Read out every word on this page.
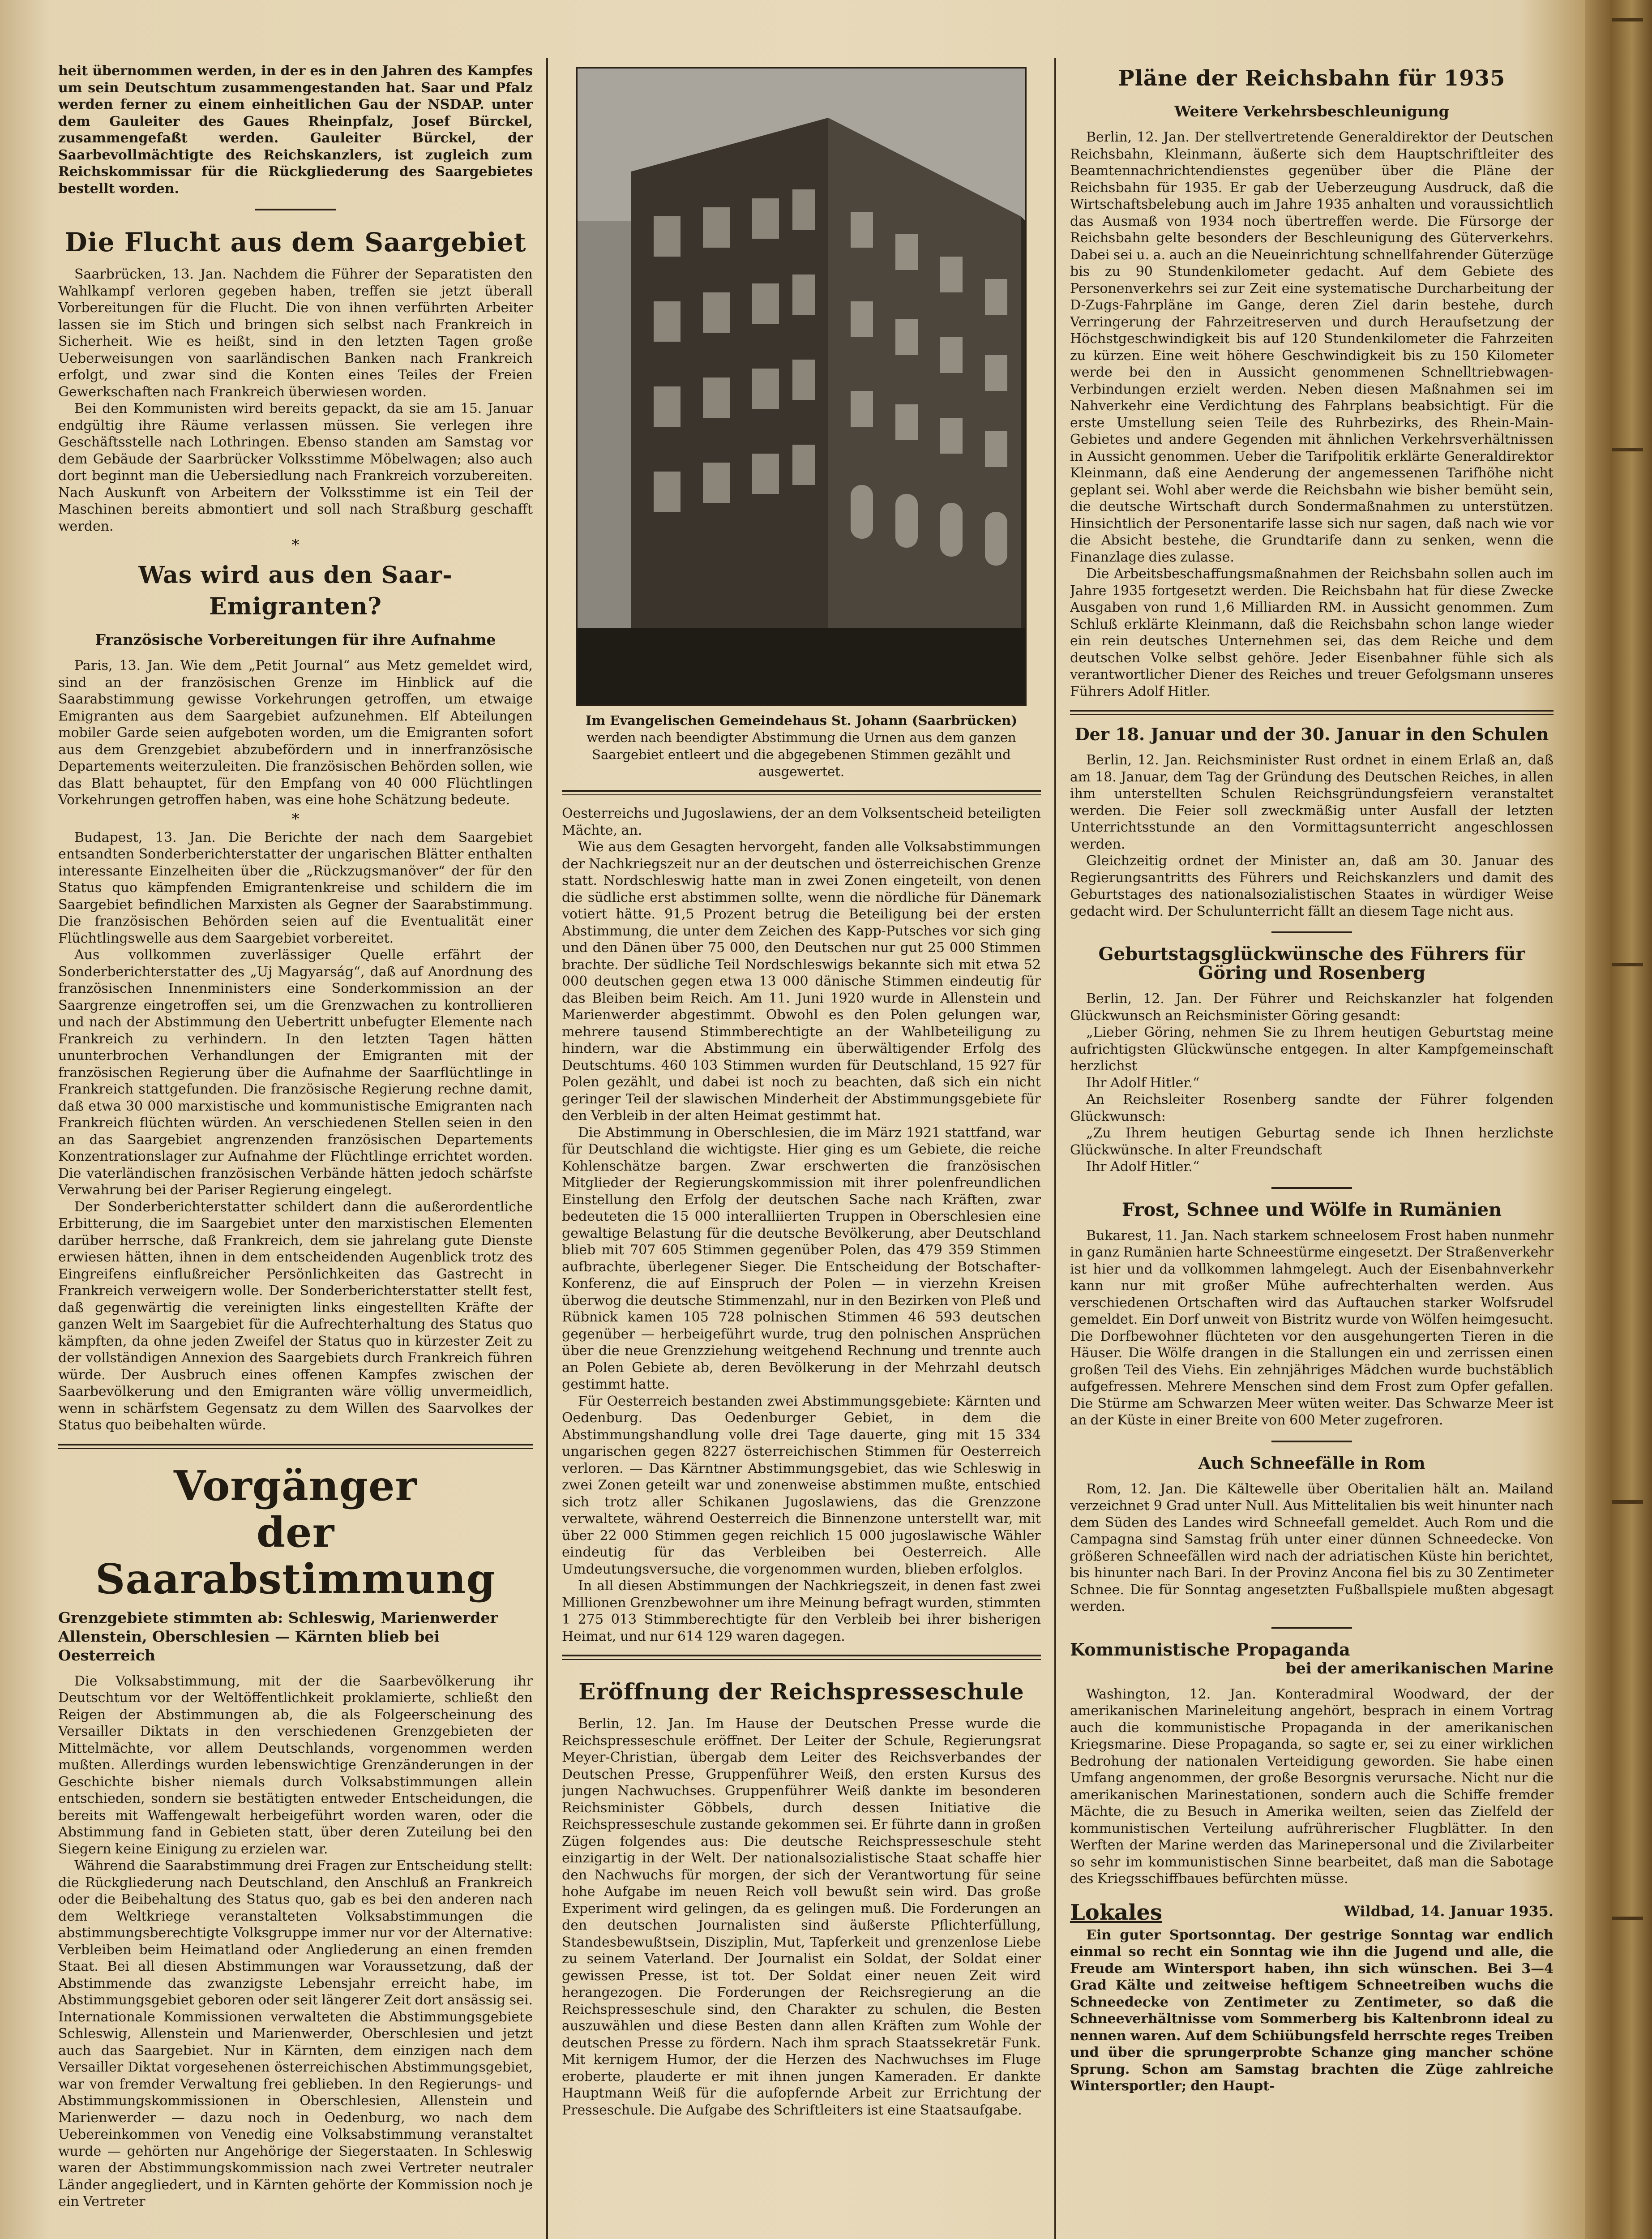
heit übernommen werden, in der es in den Jahren des Kampfes um sein Deutschtum zusammengestanden hat. Saar und Pfalz werden ferner zu einem einheitlichen Gau der NSDAP. unter dem Gauleiter des Gaues Rheinpfalz, Josef Bürckel, zusammengefaßt werden. Gauleiter Bürckel, der Saarbevollmächtigte des Reichskanzlers, ist zugleich zum Reichskommissar für die Rückgliederung des Saargebietes bestellt worden.

Die Flucht aus dem Saargebiet

Saarbrücken, 13. Jan. Nachdem die Führer der Separatisten den Wahlkampf verloren gegeben haben, treffen sie jetzt überall Vorbereitungen für die Flucht. Die von ihnen verführten Arbeiter lassen sie im Stich und bringen sich selbst nach Frankreich in Sicherheit. Wie es heißt, sind in den letzten Tagen große Ueberweisungen von saarländischen Banken nach Frankreich erfolgt, und zwar sind die Konten eines Teiles der Freien Gewerkschaften nach Frankreich überwiesen worden.

Bei den Kommunisten wird bereits gepackt, da sie am 15. Januar endgültig ihre Räume verlassen müssen. Sie verlegen ihre Geschäftsstelle nach Lothringen. Ebenso standen am Samstag vor dem Gebäude der Saarbrücker Volksstimme Möbelwagen; also auch dort beginnt man die Uebersiedlung nach Frankreich vorzubereiten. Nach Auskunft von Arbeitern der Volksstimme ist ein Teil der Maschinen bereits abmontiert und soll nach Straßburg geschafft werden.

*
Was wird aus den Saar-Emigranten?
Französische Vorbereitungen für ihre Aufnahme

Paris, 13. Jan. Wie dem „Petit Journal“ aus Metz gemeldet wird, sind an der französischen Grenze im Hinblick auf die Saarabstimmung gewisse Vorkehrungen getroffen, um etwaige Emigranten aus dem Saargebiet aufzunehmen. Elf Abteilungen mobiler Garde seien aufgeboten worden, um die Emigranten sofort aus dem Grenzgebiet abzubefördern und in innerfranzösische Departements weiterzuleiten. Die französischen Behörden sollen, wie das Blatt behauptet, für den Empfang von 40 000 Flüchtlingen Vorkehrungen getroffen haben, was eine hohe Schätzung bedeute.

*

Budapest, 13. Jan. Die Berichte der nach dem Saargebiet entsandten Sonderberichterstatter der ungarischen Blätter enthalten interessante Einzelheiten über die „Rückzugsmanöver“ der für den Status quo kämpfenden Emigrantenkreise und schildern die im Saargebiet befindlichen Marxisten als Gegner der Saarabstimmung. Die französischen Behörden seien auf die Eventualität einer Flüchtlingswelle aus dem Saargebiet vorbereitet.

Aus vollkommen zuverlässiger Quelle erfährt der Sonderberichterstatter des „Uj Magyarság“, daß auf Anordnung des französischen Innenministers eine Sonderkommission an der Saargrenze eingetroffen sei, um die Grenzwachen zu kontrollieren und nach der Abstimmung den Uebertritt unbefugter Elemente nach Frankreich zu verhindern. In den letzten Tagen hätten ununterbrochen Verhandlungen der Emigranten mit der französischen Regierung über die Aufnahme der Saarflüchtlinge in Frankreich stattgefunden. Die französische Regierung rechne damit, daß etwa 30 000 marxistische und kommunistische Emigranten nach Frankreich flüchten würden. An verschiedenen Stellen seien in den an das Saargebiet angrenzenden französischen Departements Konzentrationslager zur Aufnahme der Flüchtlinge errichtet worden. Die vaterländischen französischen Verbände hätten jedoch schärfste Verwahrung bei der Pariser Regierung eingelegt.

Der Sonderberichterstatter schildert dann die außerordentliche Erbitterung, die im Saargebiet unter den marxistischen Elementen darüber herrsche, daß Frankreich, dem sie jahrelang gute Dienste erwiesen hätten, ihnen in dem entscheidenden Augenblick trotz des Eingreifens einflußreicher Persönlichkeiten das Gastrecht in Frankreich verweigern wolle. Der Sonderberichterstatter stellt fest, daß gegenwärtig die vereinigten links eingestellten Kräfte der ganzen Welt im Saargebiet für die Aufrechterhaltung des Status quo kämpften, da ohne jeden Zweifel der Status quo in kürzester Zeit zu der vollständigen Annexion des Saargebiets durch Frankreich führen würde. Der Ausbruch eines offenen Kampfes zwischen der Saarbevölkerung und den Emigranten wäre völlig unvermeidlich, wenn in schärfstem Gegensatz zu dem Willen des Saarvolkes der Status quo beibehalten würde.

Vorgänger
der Saarabstimmung
Grenzgebiete stimmten ab: Schleswig, Marienwerder Allenstein, Oberschlesien — Kärnten blieb bei Oesterreich

Die Volksabstimmung, mit der die Saarbevölkerung ihr Deutschtum vor der Weltöffentlichkeit proklamierte, schließt den Reigen der Abstimmungen ab, die als Folgeerscheinung des Versailler Diktats in den verschiedenen Grenzgebieten der Mittelmächte, vor allem Deutschlands, vorgenommen werden mußten. Allerdings wurden lebenswichtige Grenzänderungen in der Geschichte bisher niemals durch Volksabstimmungen allein entschieden, sondern sie bestätigten entweder Entscheidungen, die bereits mit Waffengewalt herbeigeführt worden waren, oder die Abstimmung fand in Gebieten statt, über deren Zuteilung bei den Siegern keine Einigung zu erzielen war.

Während die Saarabstimmung drei Fragen zur Entscheidung stellt: die Rückgliederung nach Deutschland, den Anschluß an Frankreich oder die Beibehaltung des Status quo, gab es bei den anderen nach dem Weltkriege veranstalteten Volksabstimmungen die abstimmungsberechtigte Volksgruppe immer nur vor der Alternative: Verbleiben beim Heimatland oder Angliederung an einen fremden Staat. Bei all diesen Abstimmungen war Voraussetzung, daß der Abstimmende das zwanzigste Lebensjahr erreicht habe, im Abstimmungsgebiet geboren oder seit längerer Zeit dort ansässig sei. Internationale Kommissionen verwalteten die Abstimmungsgebiete Schleswig, Allenstein und Marienwerder, Oberschlesien und jetzt auch das Saargebiet. Nur in Kärnten, dem einzigen nach dem Versailler Diktat vorgesehenen österreichischen Abstimmungsgebiet, war von fremder Verwaltung frei geblieben. In den Regierungs- und Abstimmungskommissionen in Oberschlesien, Allenstein und Marienwerder — dazu noch in Oedenburg, wo nach dem Uebereinkommen von Venedig eine Volksabstimmung veranstaltet wurde — gehörten nur Angehörige der Siegerstaaten. In Schleswig waren der Abstimmungskommission nach zwei Vertreter neutraler Länder angegliedert, und in Kärnten gehörte der Kommission noch je ein Vertreter

Im Evangelischen Gemeindehaus St. Johann (Saarbrücken)
werden nach beendigter Abstimmung die Urnen aus dem ganzen Saargebiet entleert und die abgegebenen Stimmen gezählt und ausgewertet.

Oesterreichs und Jugoslawiens, der an dem Volksentscheid beteiligten Mächte, an.

Wie aus dem Gesagten hervorgeht, fanden alle Volksabstimmungen der Nachkriegszeit nur an der deutschen und österreichischen Grenze statt. Nordschleswig hatte man in zwei Zonen eingeteilt, von denen die südliche erst abstimmen sollte, wenn die nördliche für Dänemark votiert hätte. 91,5 Prozent betrug die Beteiligung bei der ersten Abstimmung, die unter dem Zeichen des Kapp-Putsches vor sich ging und den Dänen über 75 000, den Deutschen nur gut 25 000 Stimmen brachte. Der südliche Teil Nordschleswigs bekannte sich mit etwa 52 000 deutschen gegen etwa 13 000 dänische Stimmen eindeutig für das Bleiben beim Reich. Am 11. Juni 1920 wurde in Allenstein und Marienwerder abgestimmt. Obwohl es den Polen gelungen war, mehrere tausend Stimmberechtigte an der Wahlbeteiligung zu hindern, war die Abstimmung ein überwältigender Erfolg des Deutschtums. 460 103 Stimmen wurden für Deutschland, 15 927 für Polen gezählt, und dabei ist noch zu beachten, daß sich ein nicht geringer Teil der slawischen Minderheit der Abstimmungsgebiete für den Verbleib in der alten Heimat gestimmt hat.

Die Abstimmung in Oberschlesien, die im März 1921 stattfand, war für Deutschland die wichtigste. Hier ging es um Gebiete, die reiche Kohlenschätze bargen. Zwar erschwerten die französischen Mitglieder der Regierungskommission mit ihrer polenfreundlichen Einstellung den Erfolg der deutschen Sache nach Kräften, zwar bedeuteten die 15 000 interalliierten Truppen in Oberschlesien eine gewaltige Belastung für die deutsche Bevölkerung, aber Deutschland blieb mit 707 605 Stimmen gegenüber Polen, das 479 359 Stimmen aufbrachte, überlegener Sieger. Die Entscheidung der Botschafter-Konferenz, die auf Einspruch der Polen — in vierzehn Kreisen überwog die deutsche Stimmenzahl, nur in den Bezirken von Pleß und Rübnick kamen 105 728 polnischen Stimmen 46 593 deutschen gegenüber — herbeigeführt wurde, trug den polnischen Ansprüchen über die neue Grenzziehung weitgehend Rechnung und trennte auch an Polen Gebiete ab, deren Bevölkerung in der Mehrzahl deutsch gestimmt hatte.

Für Oesterreich bestanden zwei Abstimmungsgebiete: Kärnten und Oedenburg. Das Oedenburger Gebiet, in dem die Abstimmungshandlung volle drei Tage dauerte, ging mit 15 334 ungarischen gegen 8227 österreichischen Stimmen für Oesterreich verloren. — Das Kärntner Abstimmungsgebiet, das wie Schleswig in zwei Zonen geteilt war und zonenweise abstimmen mußte, entschied sich trotz aller Schikanen Jugoslawiens, das die Grenzzone verwaltete, während Oesterreich die Binnenzone unterstellt war, mit über 22 000 Stimmen gegen reichlich 15 000 jugoslawische Wähler eindeutig für das Verbleiben bei Oesterreich. Alle Umdeutungsversuche, die vorgenommen wurden, blieben erfolglos.

In all diesen Abstimmungen der Nachkriegszeit, in denen fast zwei Millionen Grenzbewohner um ihre Meinung befragt wurden, stimmten 1 275 013 Stimmberechtigte für den Verbleib bei ihrer bisherigen Heimat, und nur 614 129 waren dagegen.

Eröffnung der Reichspresseschule

Berlin, 12. Jan. Im Hause der Deutschen Presse wurde die Reichspresseschule eröffnet. Der Leiter der Schule, Regierungsrat Meyer-Christian, übergab dem Leiter des Reichsverbandes der Deutschen Presse, Gruppenführer Weiß, den ersten Kursus des jungen Nachwuchses. Gruppenführer Weiß dankte im besonderen Reichsminister Göbbels, durch dessen Initiative die Reichspresseschule zustande gekommen sei. Er führte dann in großen Zügen folgendes aus: Die deutsche Reichspresseschule steht einzigartig in der Welt. Der nationalsozialistische Staat schaffe hier den Nachwuchs für morgen, der sich der Verantwortung für seine hohe Aufgabe im neuen Reich voll bewußt sein wird. Das große Experiment wird gelingen, da es gelingen muß. Die Forderungen an den deutschen Journalisten sind äußerste Pflichterfüllung, Standesbewußtsein, Disziplin, Mut, Tapferkeit und grenzenlose Liebe zu seinem Vaterland. Der Journalist ein Soldat, der Soldat einer gewissen Presse, ist tot. Der Soldat einer neuen Zeit wird herangezogen. Die Forderungen der Reichsregierung an die Reichspresseschule sind, den Charakter zu schulen, die Besten auszuwählen und diese Besten dann allen Kräften zum Wohle der deutschen Presse zu fördern. Nach ihm sprach Staatssekretär Funk. Mit kernigem Humor, der die Herzen des Nachwuchses im Fluge eroberte, plauderte er mit ihnen jungen Kameraden. Er dankte Hauptmann Weiß für die aufopfernde Arbeit zur Errichtung der Presseschule. Die Aufgabe des Schriftleiters ist eine Staatsaufgabe.

Pläne der Reichsbahn für 1935
Weitere Verkehrsbeschleunigung

Berlin, 12. Jan. Der stellvertretende Generaldirektor der Deutschen Reichsbahn, Kleinmann, äußerte sich dem Hauptschriftleiter des Beamtennachrichtendienstes gegenüber über die Pläne der Reichsbahn für 1935. Er gab der Ueberzeugung Ausdruck, daß die Wirtschaftsbelebung auch im Jahre 1935 anhalten und voraussichtlich das Ausmaß von 1934 noch übertreffen werde. Die Fürsorge der Reichsbahn gelte besonders der Beschleunigung des Güterverkehrs. Dabei sei u. a. auch an die Neueinrichtung schnellfahrender Güterzüge bis zu 90 Stundenkilometer gedacht. Auf dem Gebiete des Personenverkehrs sei zur Zeit eine systematische Durcharbeitung der D-Zugs-Fahrpläne im Gange, deren Ziel darin bestehe, durch Verringerung der Fahrzeitreserven und durch Heraufsetzung der Höchstgeschwindigkeit bis auf 120 Stundenkilometer die Fahrzeiten zu kürzen. Eine weit höhere Geschwindigkeit bis zu 150 Kilometer werde bei den in Aussicht genommenen Schnelltriebwagen-Verbindungen erzielt werden. Neben diesen Maßnahmen sei im Nahverkehr eine Verdichtung des Fahrplans beabsichtigt. Für die erste Umstellung seien Teile des Ruhrbezirks, des Rhein-Main-Gebietes und andere Gegenden mit ähnlichen Verkehrsverhältnissen in Aussicht genommen. Ueber die Tarifpolitik erklärte Generaldirektor Kleinmann, daß eine Aenderung der angemessenen Tarifhöhe nicht geplant sei. Wohl aber werde die Reichsbahn wie bisher bemüht sein, die deutsche Wirtschaft durch Sondermaßnahmen zu unterstützen. Hinsichtlich der Personentarife lasse sich nur sagen, daß nach wie vor die Absicht bestehe, die Grundtarife dann zu senken, wenn die Finanzlage dies zulasse.

Die Arbeitsbeschaffungsmaßnahmen der Reichsbahn sollen auch im Jahre 1935 fortgesetzt werden. Die Reichsbahn hat für diese Zwecke Ausgaben von rund 1,6 Milliarden RM. in Aussicht genommen. Zum Schluß erklärte Kleinmann, daß die Reichsbahn schon lange wieder ein rein deutsches Unternehmen sei, das dem Reiche und dem deutschen Volke selbst gehöre. Jeder Eisenbahner fühle sich als verantwortlicher Diener des Reiches und treuer Gefolgsmann unseres Führers Adolf Hitler.

Der 18. Januar und der 30. Januar in den Schulen

Berlin, 12. Jan. Reichsminister Rust ordnet in einem Erlaß an, daß am 18. Januar, dem Tag der Gründung des Deutschen Reiches, in allen ihm unterstellten Schulen Reichsgründungsfeiern veranstaltet werden. Die Feier soll zweckmäßig unter Ausfall der letzten Unterrichtsstunde an den Vormittagsunterricht angeschlossen werden.

Gleichzeitig ordnet der Minister an, daß am 30. Januar des Regierungsantritts des Führers und Reichskanzlers und damit des Geburtstages des nationalsozialistischen Staates in würdiger Weise gedacht wird. Der Schulunterricht fällt an diesem Tage nicht aus.

Geburtstagsglückwünsche des Führers für Göring und Rosenberg

Berlin, 12. Jan. Der Führer und Reichskanzler hat folgenden Glückwunsch an Reichsminister Göring gesandt:

„Lieber Göring, nehmen Sie zu Ihrem heutigen Geburtstag meine aufrichtigsten Glückwünsche entgegen. In alter Kampfgemeinschaft herzlichst

Ihr Adolf Hitler.“

An Reichsleiter Rosenberg sandte der Führer folgenden Glückwunsch:

„Zu Ihrem heutigen Geburtag sende ich Ihnen herzlichste Glückwünsche. In alter Freundschaft

Ihr Adolf Hitler.“

Frost, Schnee und Wölfe in Rumänien

Bukarest, 11. Jan. Nach starkem schneelosem Frost haben nunmehr in ganz Rumänien harte Schneestürme eingesetzt. Der Straßenverkehr ist hier und da vollkommen lahmgelegt. Auch der Eisenbahnverkehr kann nur mit großer Mühe aufrechterhalten werden. Aus verschiedenen Ortschaften wird das Auftauchen starker Wolfsrudel gemeldet. Ein Dorf unweit von Bistritz wurde von Wölfen heimgesucht. Die Dorfbewohner flüchteten vor den ausgehungerten Tieren in die Häuser. Die Wölfe drangen in die Stallungen ein und zerrissen einen großen Teil des Viehs. Ein zehnjähriges Mädchen wurde buchstäblich aufgefressen. Mehrere Menschen sind dem Frost zum Opfer gefallen. Die Stürme am Schwarzen Meer wüten weiter. Das Schwarze Meer ist an der Küste in einer Breite von 600 Meter zugefroren.

Auch Schneefälle in Rom

Rom, 12. Jan. Die Kältewelle über Oberitalien hält an. Mailand verzeichnet 9 Grad unter Null. Aus Mittelitalien bis weit hinunter nach dem Süden des Landes wird Schneefall gemeldet. Auch Rom und die Campagna sind Samstag früh unter einer dünnen Schneedecke. Von größeren Schneefällen wird nach der adriatischen Küste hin berichtet, bis hinunter nach Bari. In der Provinz Ancona fiel bis zu 30 Zentimeter Schnee. Die für Sonntag angesetzten Fußballspiele mußten abgesagt werden.

Kommunistische Propaganda
bei der amerikanischen Marine

Washington, 12. Jan. Konteradmiral Woodward, der der amerikanischen Marineleitung angehört, besprach in einem Vortrag auch die kommunistische Propaganda in der amerikanischen Kriegsmarine. Diese Propaganda, so sagte er, sei zu einer wirklichen Bedrohung der nationalen Verteidigung geworden. Sie habe einen Umfang angenommen, der große Besorgnis verursache. Nicht nur die amerikanischen Marinestationen, sondern auch die Schiffe fremder Mächte, die zu Besuch in Amerika weilten, seien das Zielfeld der kommunistischen Verteilung aufrührerischer Flugblätter. In den Werften der Marine werden das Marinepersonal und die Zivilarbeiter so sehr im kommunistischen Sinne bearbeitet, daß man die Sabotage des Kriegsschiffbaues befürchten müsse.

Lokales	Wildbad, 14. Januar 1935.

Ein guter Sportsonntag. Der gestrige Sonntag war endlich einmal so recht ein Sonntag wie ihn die Jugend und alle, die Freude am Wintersport haben, ihn sich wünschen. Bei 3—4 Grad Kälte und zeitweise heftigem Schneetreiben wuchs die Schneedecke von Zentimeter zu Zentimeter, so daß die Schneeverhältnisse vom Sommerberg bis Kaltenbronn ideal zu nennen waren. Auf dem Schiübungsfeld herrschte reges Treiben und über die sprungerprobte Schanze ging mancher schöne Sprung. Schon am Samstag brachten die Züge zahlreiche Wintersportler; den Haupt-
